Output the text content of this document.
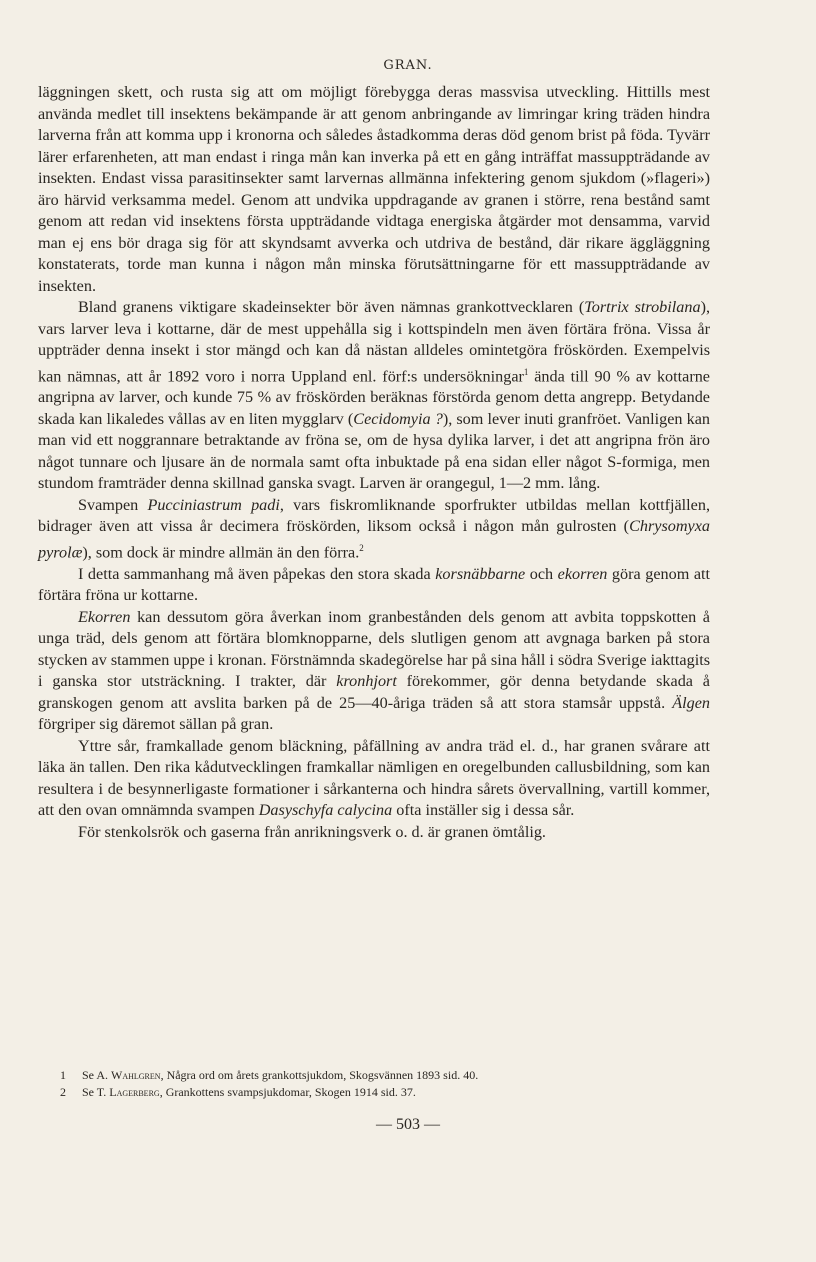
GRAN.

läggningen skett, och rusta sig att om möjligt förebygga deras massvisa utveckling. Hittills mest använda medlet till insektens bekämpande är att genom anbringande av limringar kring träden hindra larverna från att komma upp i kronorna och således åstadkomma deras död genom brist på föda. Tyvärr lärer erfarenheten, att man endast i ringa mån kan inverka på ett en gång inträffat massuppträdande av insekten. Endast vissa parasitinsekter samt larvernas allmänna infektering genom sjukdom (»flageri») äro härvid verksamma medel. Genom att undvika uppdragande av granen i större, rena bestånd samt genom att redan vid insektens första uppträdande vidtaga energiska åtgärder mot densamma, varvid man ej ens bör draga sig för att skyndsamt avverka och utdriva de bestånd, där rikare äggläggning konstaterats, torde man kunna i någon mån minska förutsättningarne för ett massuppträdande av insekten.

Bland granens viktigare skadeinsekter bör även nämnas grankottvecklaren (Tortrix strobilana), vars larver leva i kottarne, där de mest uppehålla sig i kottspindeln men även förtära fröna. Vissa år uppträder denna insekt i stor mängd och kan då nästan alldeles omintetgöra fröskörden. Exempelvis kan nämnas, att år 1892 voro i norra Uppland enl. förf:s undersökningar$^1$ ända till 90 % av kottarne angripna av larver, och kunde 75 % av fröskörden beräknas förstörda genom detta angrepp. Betydande skada kan likaledes vållas av en liten mygglarv (Cecidomyia ?), som lever inuti granfröet. Vanligen kan man vid ett noggrannare betraktande av fröna se, om de hysa dylika larver, i det att angripna frön äro något tunnare och ljusare än de normala samt ofta inbuktade på ena sidan eller något S-formiga, men stundom framträder denna skillnad ganska svagt. Larven är orangegul, 1—2 mm. lång.

Svampen Pucciniastrum padi, vars fiskromliknande sporfrukter utbildas mellan kottfjällen, bidrager även att vissa år decimera fröskörden, liksom också i någon mån gulrosten (Chrysomyxa pyrolæ), som dock är mindre allmän än den förra.$^2$

I detta sammanhang må även påpekas den stora skada korsnäbbarne och ekorren göra genom att förtära fröna ur kottarne.

Ekorren kan dessutom göra åverkan inom granbestånden dels genom att avbita toppskotten å unga träd, dels genom att förtära blomknopparne, dels slutligen genom att avgnaga barken på stora stycken av stammen uppe i kronan. Förstnämnda skadegörelse har på sina håll i södra Sverige iakttagits i ganska stor utsträckning. I trakter, där kronhjort förekommer, gör denna betydande skada å granskogen genom att avslita barken på de 25—40-åriga träden så att stora stamsår uppstå. Älgen förgriper sig däremot sällan på gran.

Yttre sår, framkallade genom bläckning, påfällning av andra träd el. d., har granen svårare att läka än tallen. Den rika kådutvecklingen framkallar nämligen en oregelbunden callusbildning, som kan resultera i de besynnerligaste formationer i sårkanterna och hindra sårets övervallning, vartill kommer, att den ovan omnämnda svampen Dasyschyfa calycina ofta inställer sig i dessa sår.

För stenkolsrök och gaserna från anrikningsverk o. d. är granen ömtålig.

1 Se A. Wahlgren, Några ord om årets grankottsjukdom, Skogsvännen 1893 sid. 40.
2 Se T. Lagerberg, Grankottens svampsjukdomar, Skogen 1914 sid. 37.
— 503 —
